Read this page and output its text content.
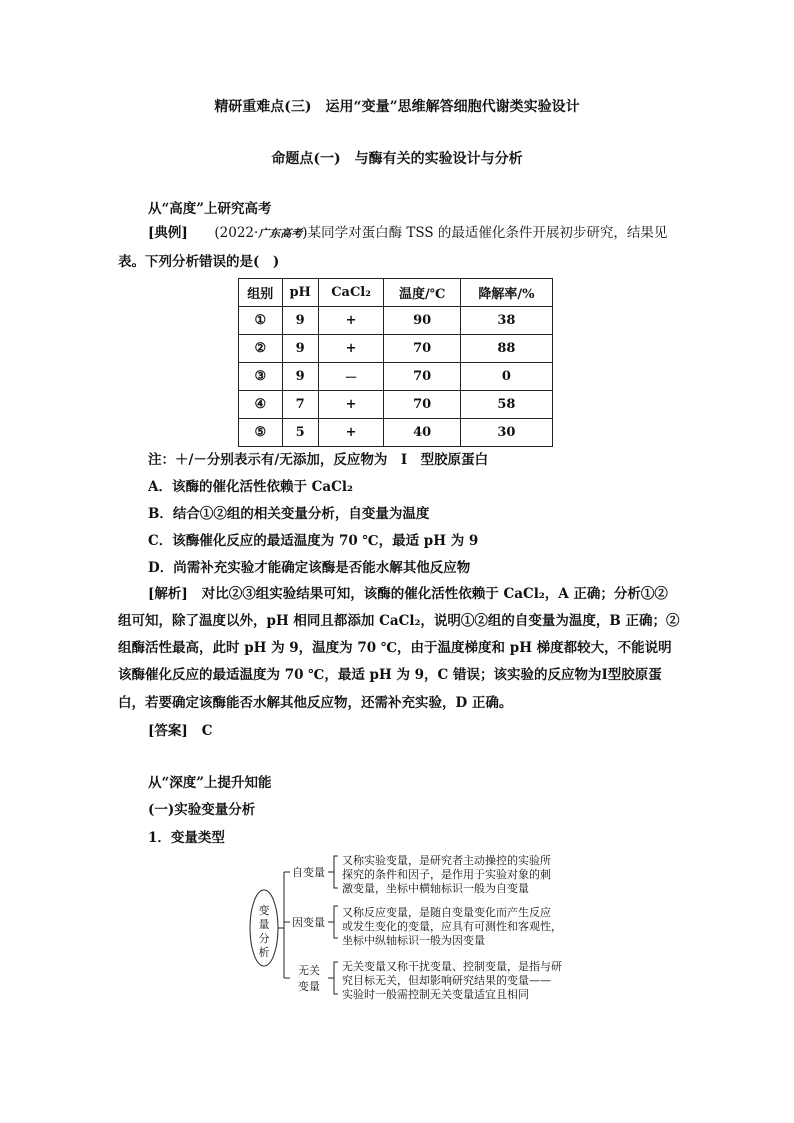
精研重难点(三)　运用“变量”思维解答细胞代谢类实验设计
命题点(一)　与酶有关的实验设计与分析
从“高度”上研究高考
[典例] (2022·广东高考)某同学对蛋白酶 TSS 的最适催化条件开展初步研究，结果见
表。下列分析错误的是(　)
组别	pH	CaCl₂	温度/℃	降解率/%
①	9	+	90	38
②	9	+	70	88
③	9	－	70	0
④	7	+	70	58
⑤	5	+	40	30
注：＋/－分别表示有/无添加，反应物为　Ⅰ　型胶原蛋白
A．该酶的催化活性依赖于 CaCl₂
B．结合①②组的相关变量分析，自变量为温度
C．该酶催化反应的最适温度为 70 ℃，最适 pH 为 9
D．尚需补充实验才能确定该酶是否能水解其他反应物
[解析] 对比②③组实验结果可知，该酶的催化活性依赖于 CaCl₂，A 正确；分析①②
组可知，除了温度以外，pH 相同且都添加 CaCl₂，说明①②组的自变量为温度，B 正确；②
组酶活性最高，此时 pH 为 9，温度为 70 ℃，由于温度梯度和 pH 梯度都较大，不能说明
该酶催化反应的最适温度为 70 ℃，最适 pH 为 9，C 错误；该实验的反应物为Ⅰ型胶原蛋
白，若要确定该酶能否水解其他反应物，还需补充实验，D 正确。
[答案] C
从“深度”上提升知能
(一)实验变量分析
1．变量类型
变
量
分
析
自变量
因变量
无关
变量
又称实验变量，是研究者主动操控的实验所
探究的条件和因子，是作用于实验对象的刺
激变量，坐标中横轴标识一般为自变量
又称反应变量，是随自变量变化而产生反应
或发生变化的变量，应具有可测性和客观性，
坐标中纵轴标识一般为因变量
无关变量又称干扰变量、控制变量，是指与研
究目标无关，但却影响研究结果的变量——
实验时一般需控制无关变量适宜且相同
